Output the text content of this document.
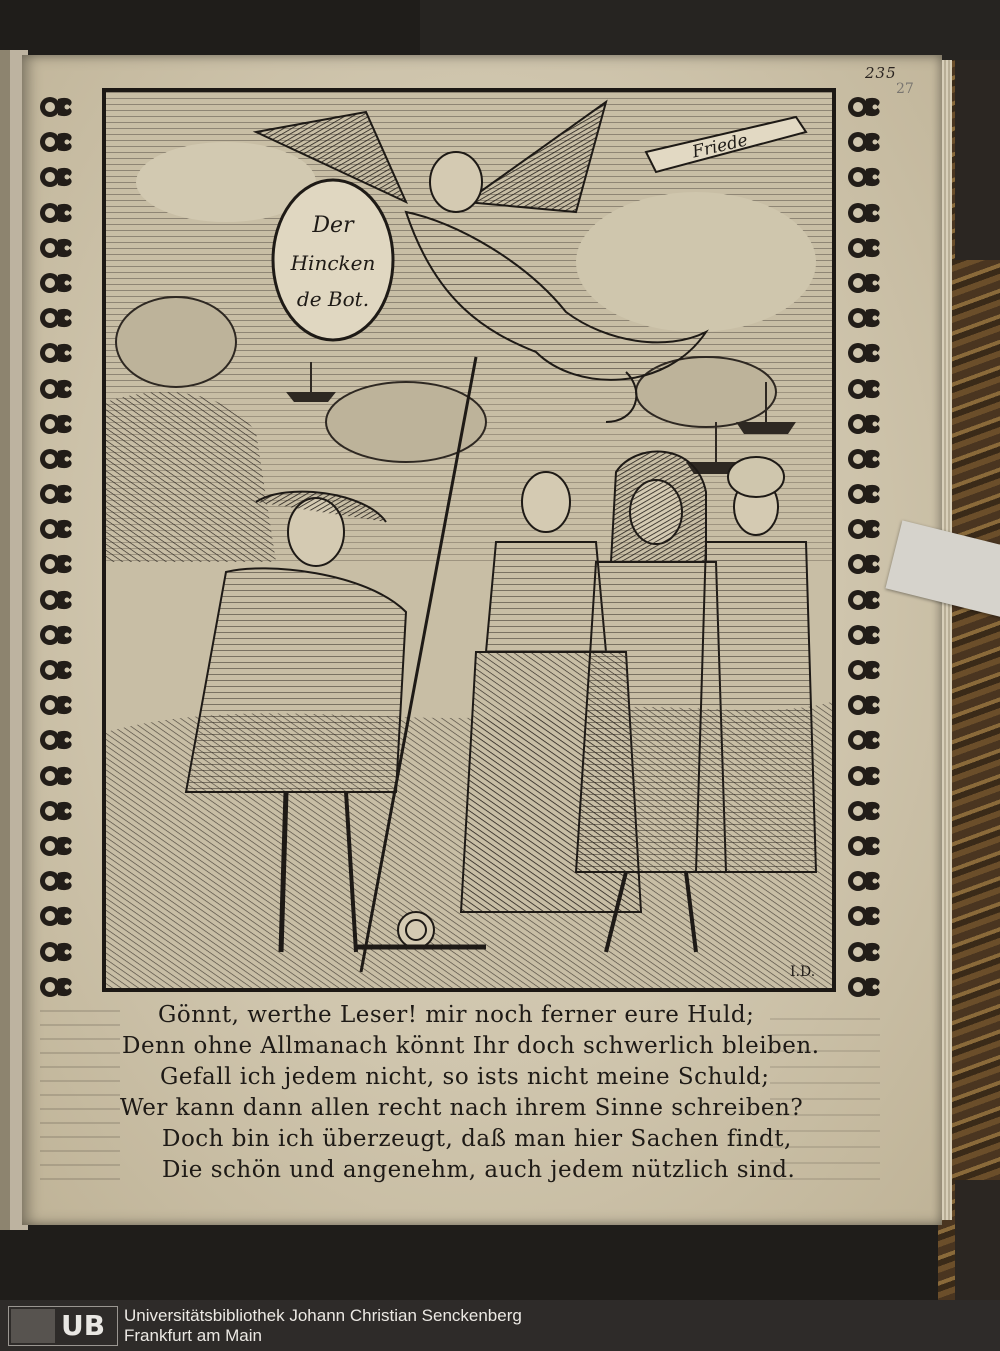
235
27
Friede
Der
Hincken
de Bot.
I.D.
Gönnt, werthe Leser! mir noch ferner eure Huld;
Denn ohne Allmanach könnt Ihr doch schwerlich bleiben.
Gefall ich jedem nicht, so ists nicht meine Schuld;
Wer kann dann allen recht nach ihrem Sinne schreiben?
Doch bin ich überzeugt, daß man hier Sachen findt,
Die schön und angenehm, auch jedem nützlich sind.
UB Universitätsbibliothek Johann Christian Senckenberg
Frankfurt am Main
